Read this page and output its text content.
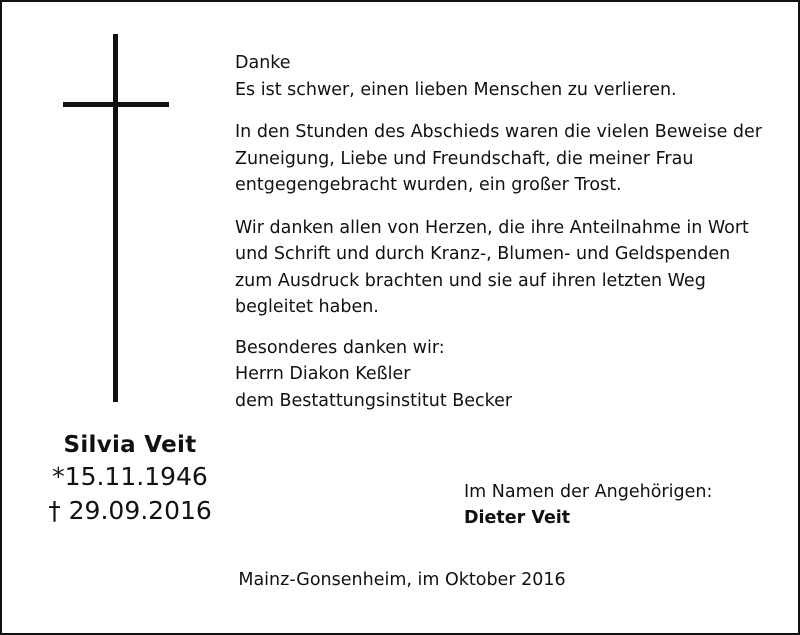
Silvia Veit
*15.11.1946
† 29.09.2016

Danke

Es ist schwer, einen lieben Menschen zu verlieren.

In den Stunden des Abschieds waren die vielen Beweise der

Zuneigung, Liebe und Freundschaft, die meiner Frau

entgegengebracht wurden, ein großer Trost.

Wir danken allen von Herzen, die ihre Anteilnahme in Wort

und Schrift und durch Kranz-, Blumen- und Geldspenden

zum Ausdruck brachten und sie auf ihren letzten Weg

begleitet haben.

Besonderes danken wir:

Herrn Diakon Keßler

dem Bestattungsinstitut Becker

Im Namen der Angehörigen:

Dieter Veit

Mainz-Gonsenheim, im Oktober 2016
